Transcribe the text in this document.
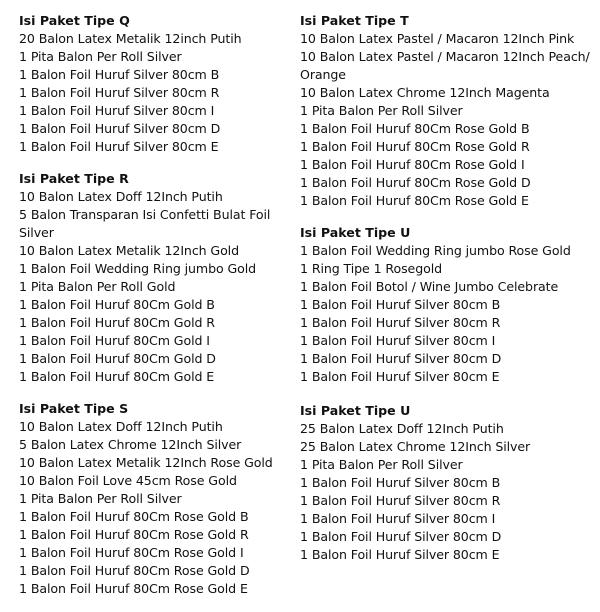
Isi Paket Tipe Q
20 Balon Latex Metalik 12inch Putih
1 Pita Balon Per Roll Silver
1 Balon Foil Huruf Silver 80cm B
1 Balon Foil Huruf Silver 80cm R
1 Balon Foil Huruf Silver 80cm I
1 Balon Foil Huruf Silver 80cm D
1 Balon Foil Huruf Silver 80cm E
Isi Paket Tipe R
10 Balon Latex Doff 12Inch Putih
5 Balon Transparan Isi Confetti Bulat Foil Silver
10 Balon Latex Metalik 12Inch Gold
1 Balon Foil Wedding Ring jumbo Gold
1 Pita Balon Per Roll Gold
1 Balon Foil Huruf 80Cm Gold B
1 Balon Foil Huruf 80Cm Gold R
1 Balon Foil Huruf 80Cm Gold I
1 Balon Foil Huruf 80Cm Gold D
1 Balon Foil Huruf 80Cm Gold E
Isi Paket Tipe S
10 Balon Latex Doff 12Inch Putih
5 Balon Latex Chrome 12Inch Silver
10 Balon Latex Metalik 12Inch Rose Gold
10 Balon Foil Love 45cm Rose Gold
1 Pita Balon Per Roll Silver
1 Balon Foil Huruf 80Cm Rose Gold B
1 Balon Foil Huruf 80Cm Rose Gold R
1 Balon Foil Huruf 80Cm Rose Gold I
1 Balon Foil Huruf 80Cm Rose Gold D
1 Balon Foil Huruf 80Cm Rose Gold E
Isi Paket Tipe T
10 Balon Latex Pastel / Macaron 12Inch Pink
10 Balon Latex Pastel / Macaron 12Inch Peach/ Orange
10 Balon Latex Chrome 12Inch Magenta
1 Pita Balon Per Roll Silver
1 Balon Foil Huruf 80Cm Rose Gold B
1 Balon Foil Huruf 80Cm Rose Gold R
1 Balon Foil Huruf 80Cm Rose Gold I
1 Balon Foil Huruf 80Cm Rose Gold D
1 Balon Foil Huruf 80Cm Rose Gold E
Isi Paket Tipe U
1 Balon Foil Wedding Ring jumbo Rose Gold
1 Ring Tipe 1 Rosegold
1 Balon Foil Botol / Wine Jumbo Celebrate
1 Balon Foil Huruf Silver 80cm B
1 Balon Foil Huruf Silver 80cm R
1 Balon Foil Huruf Silver 80cm I
1 Balon Foil Huruf Silver 80cm D
1 Balon Foil Huruf Silver 80cm E
Isi Paket Tipe U
25 Balon Latex Doff 12Inch Putih
25 Balon Latex Chrome 12Inch Silver
1 Pita Balon Per Roll Silver
1 Balon Foil Huruf Silver 80cm B
1 Balon Foil Huruf Silver 80cm R
1 Balon Foil Huruf Silver 80cm I
1 Balon Foil Huruf Silver 80cm D
1 Balon Foil Huruf Silver 80cm E
